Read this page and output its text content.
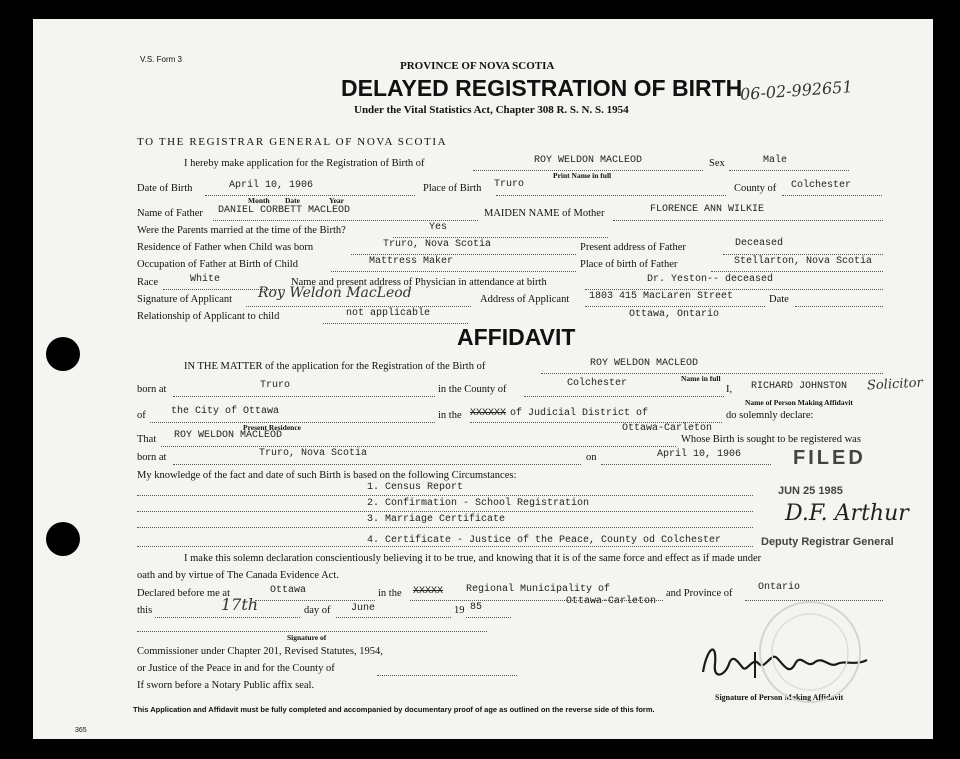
V.S. Form 3
PROVINCE OF NOVA SCOTIA
DELAYED REGISTRATION OF BIRTH
Under the Vital Statistics Act, Chapter 308 R. S. N. S. 1954
06-02-992651
TO THE REGISTRAR GENERAL OF NOVA SCOTIA
I hereby make application for the Registration of Birth of	ROY WELDON MACLEOD	Sex	Male
Print Name in full
Date of Birth	April 10, 1906	Place of Birth Truro	County of Colchester
Month Date	Year
Name of Father DANIEL CORBETT MACLEOD	MAIDEN NAME of Mother	FLORENCE ANN WILKIE
Were the Parents married at the time of the Birth?	Yes
Residence of Father when Child was born	Truro, Nova Scotia	Present address of Father	Deceased
Occupation of Father at Birth of Child	Mattress Maker	Place of birth of Father	Stellarton, Nova Scotia
Race	White	Name and present address of Physician in attendance at birth	Dr. Yeston-- deceased
Signature of Applicant Roy Weldon MacLeod	Address of Applicant 1803 415 MacLaren Street	Date
Relationship of Applicant to child	not applicable	Ottawa, Ontario
AFFIDAVIT
IN THE MATTER of the application for the Registration of the Birth of	ROY WELDON MACLEOD
Name in full
born at	Truro	in the County of
Colchester
I, RICHARD JOHNSTON Solicitor
Name of Person Making Affidavit
of	the City of Ottawa
Present Residence
in the XXXXXX of Judicial District of	do solemnly declare:
Ottawa-Carleton
That ROY WELDON MACLEOD	Whose Birth is sought to be registered was
born at	Truro, Nova Scotia	on	April 10, 1906
My knowledge of the fact and date of such Birth is based on the following Circumstances:
1. Census Report
2. Confirmation - School Registration
3. Marriage Certificate
4. Certificate - Justice of the Peace, County od Colchester
I make this solemn declaration conscientiously believing it to be true, and knowing that it is of the same force and effect as if made under
oath and by virtue of The Canada Evidence Act.
Declared before me at	Ottawa	in the XXXXX Regional Municipality of
Ottawa-Carleton
and Province of
Ontario
this	17th	day of June	19 85
Signature of
Commissioner under Chapter 201, Revised Statutes, 1954,
or Justice of the Peace in and for the County of
If sworn before a Notary Public affix seal.
Signature of Person Making Affidavit
FILED
JUN 25 1985
D.F. Arthur
Deputy Registrar General
This Application and Affidavit must be fully completed and accompanied by documentary proof of age as outlined on the reverse side of this form.
365
